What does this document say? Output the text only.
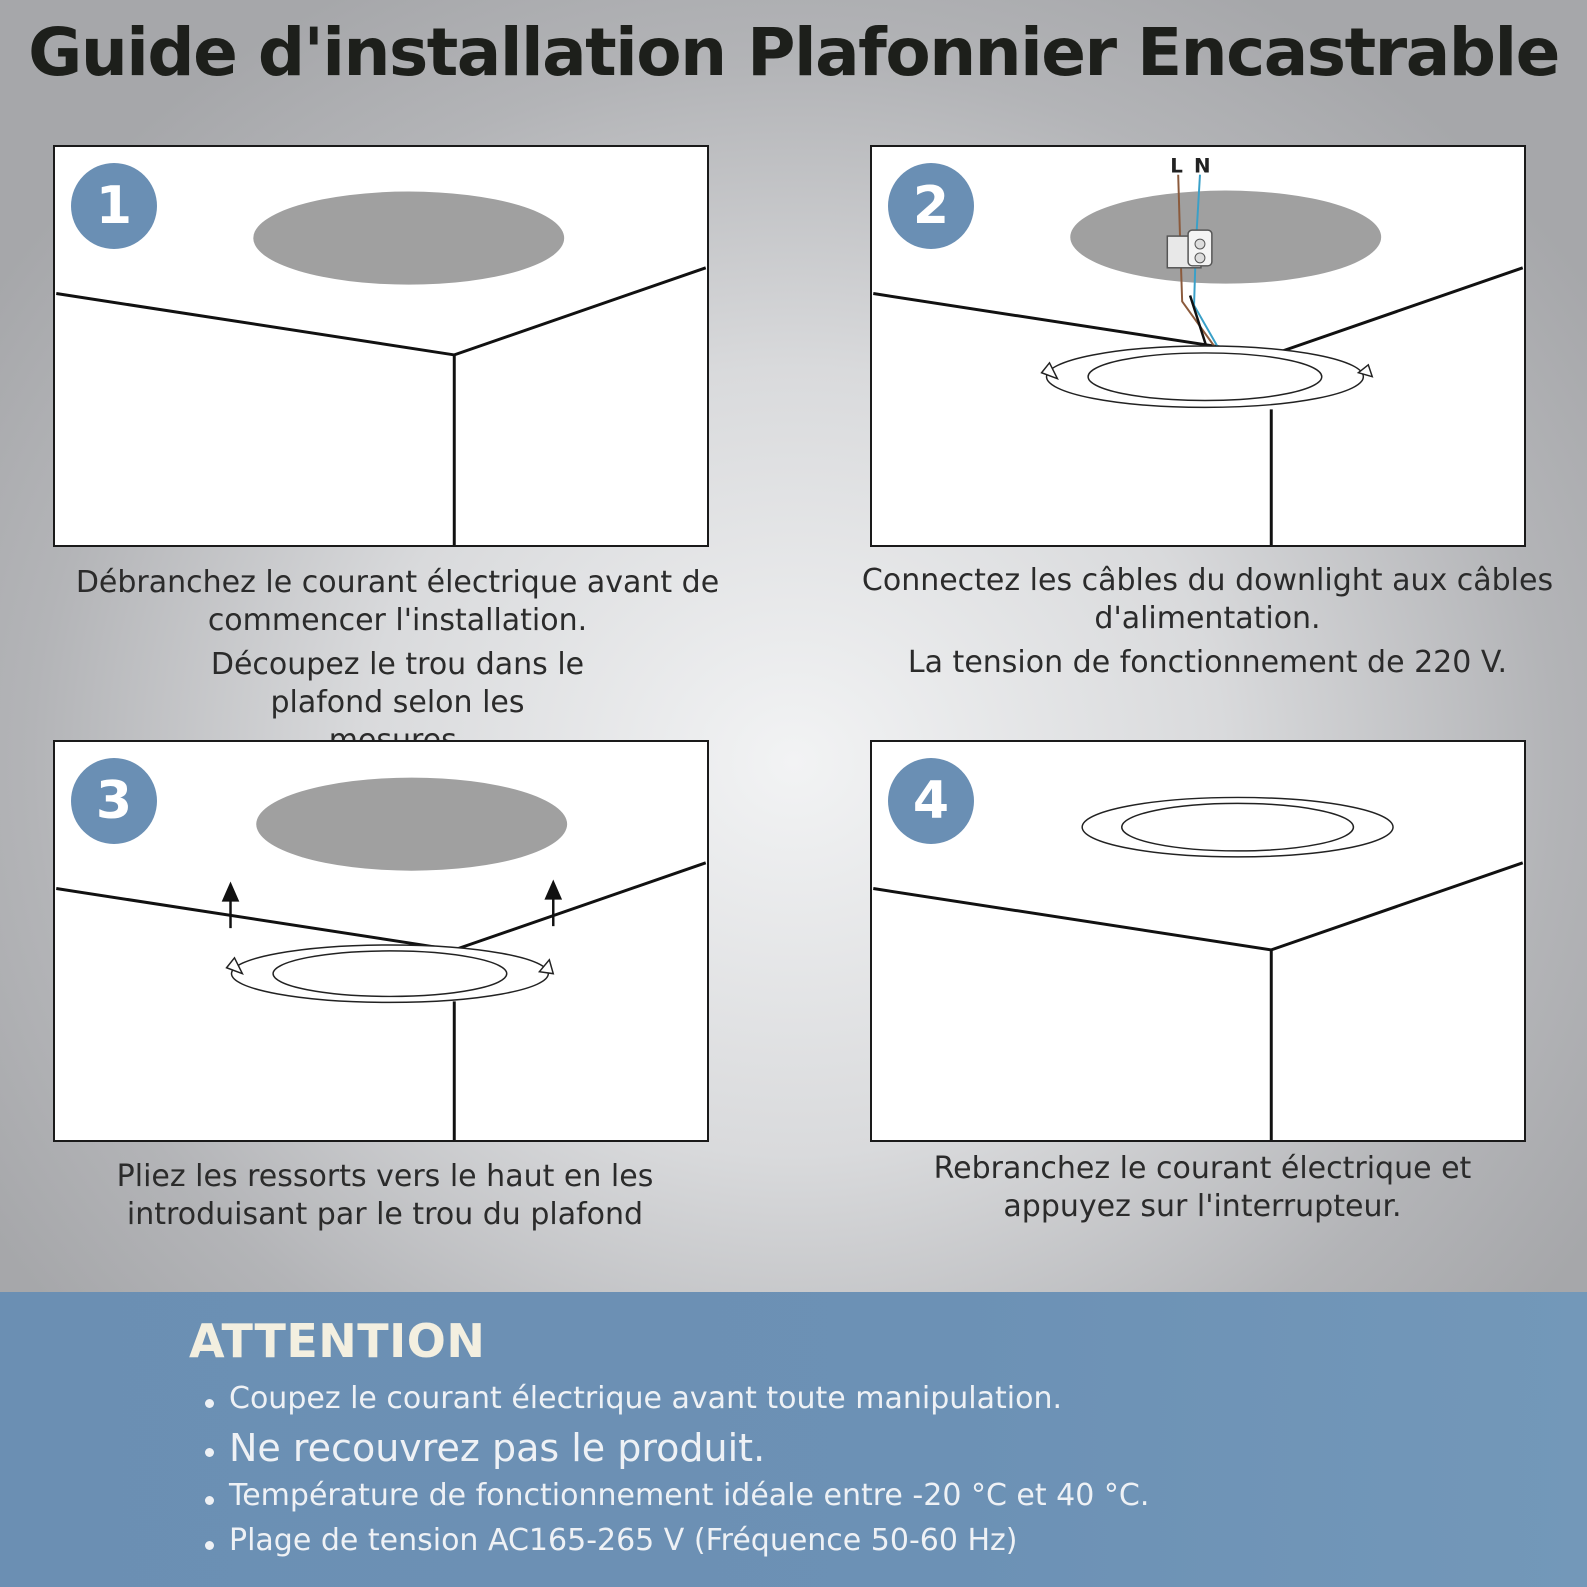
Guide d'installation Plafonnier Encastrable
1

Débranchez le courant électrique avant de commencer l'installation.

Découpez le trou dans le plafond selon les

L N
2

Connectez les câbles du downlight aux câbles d'alimentation.

La tension de fonctionnement de 220 V.

3

Pliez les ressorts vers le haut en les introduisant par le trou du plafond

4

Rebranchez le courant électrique et appuyez sur l'interrupteur.

ATTENTION
Coupez le courant électrique avant toute manipulation.
Ne recouvrez pas le produit.
Température de fonctionnement idéale entre -20 °C et 40 °C.
Plage de tension AC165-265 V (Fréquence 50-60 Hz)
